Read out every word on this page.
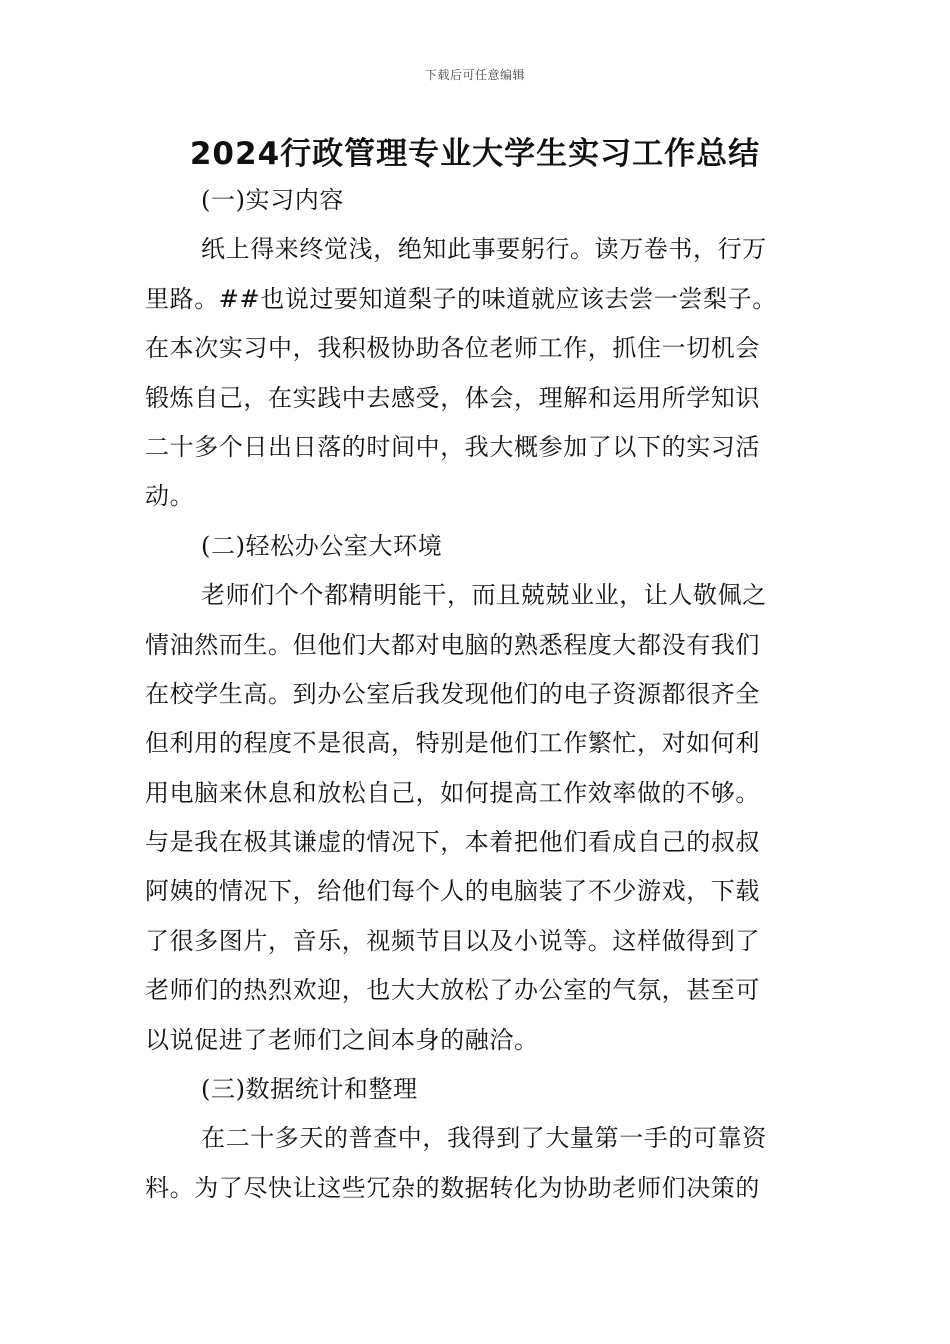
下载后可任意编辑
2024行政管理专业大学生实习工作总结
(一)实习内容
纸上得来终觉浅，绝知此事要躬行。读万卷书，行万
里路。##也说过要知道梨子的味道就应该去尝一尝梨子。
在本次实习中，我积极协助各位老师工作，抓住一切机会
锻炼自己，在实践中去感受，体会，理解和运用所学知识
二十多个日出日落的时间中，我大概参加了以下的实习活
动。
(二)轻松办公室大环境
老师们个个都精明能干，而且兢兢业业，让人敬佩之
情油然而生。但他们大都对电脑的熟悉程度大都没有我们
在校学生高。到办公室后我发现他们的电子资源都很齐全
但利用的程度不是很高，特别是他们工作繁忙，对如何利
用电脑来休息和放松自己，如何提高工作效率做的不够。
与是我在极其谦虚的情况下，本着把他们看成自己的叔叔
阿姨的情况下，给他们每个人的电脑装了不少游戏，下载
了很多图片，音乐，视频节目以及小说等。这样做得到了
老师们的热烈欢迎，也大大放松了办公室的气氛，甚至可
以说促进了老师们之间本身的融洽。
(三)数据统计和整理
在二十多天的普查中，我得到了大量第一手的可靠资
料。为了尽快让这些冗杂的数据转化为协助老师们决策的
